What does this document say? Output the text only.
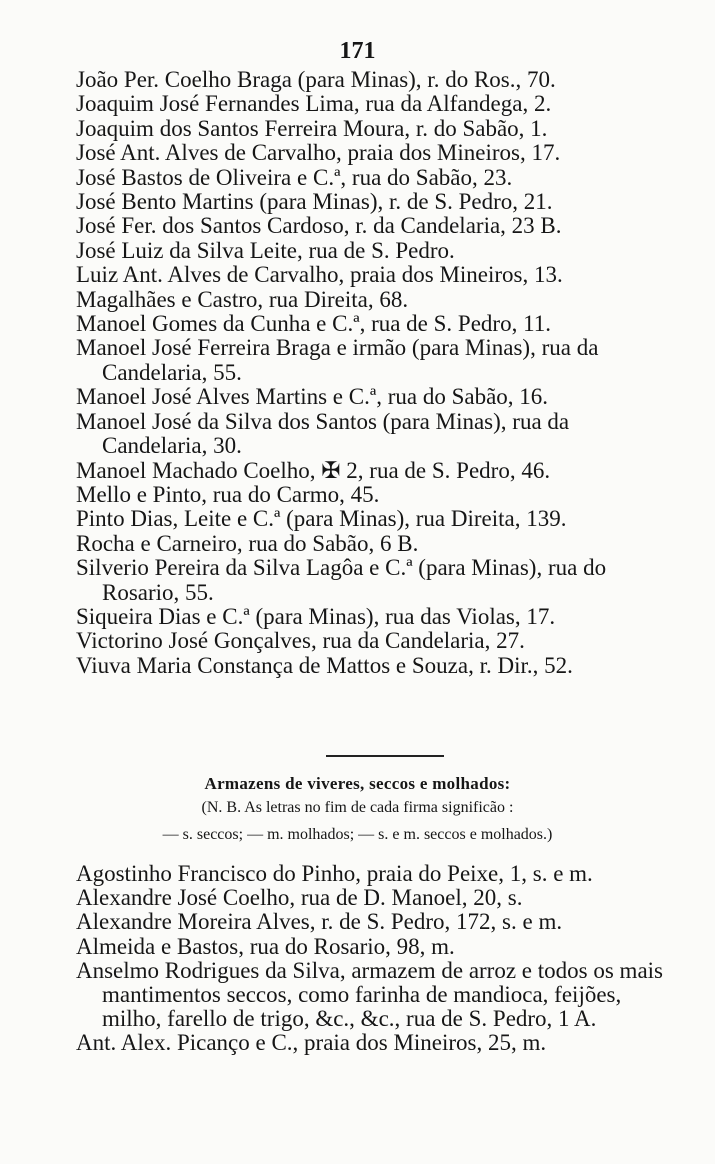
171
João Per. Coelho Braga (para Minas), r. do Ros., 70.
Joaquim José Fernandes Lima, rua da Alfandega, 2.
Joaquim dos Santos Ferreira Moura, r. do Sabão, 1.
José Ant. Alves de Carvalho, praia dos Mineiros, 17.
José Bastos de Oliveira e C.ª, rua do Sabão, 23.
José Bento Martins (para Minas), r. de S. Pedro, 21.
José Fer. dos Santos Cardoso, r. da Candelaria, 23 B.
José Luiz da Silva Leite, rua de S. Pedro.
Luiz Ant. Alves de Carvalho, praia dos Mineiros, 13.
Magalhães e Castro, rua Direita, 68.
Manoel Gomes da Cunha e C.ª, rua de S. Pedro, 11.
Manoel José Ferreira Braga e irmão (para Minas), rua da Candelaria, 55.
Manoel José Alves Martins e C.ª, rua do Sabão, 16.
Manoel José da Silva dos Santos (para Minas), rua da Candelaria, 30.
Manoel Machado Coelho, ✠ 2, rua de S. Pedro, 46.
Mello e Pinto, rua do Carmo, 45.
Pinto Dias, Leite e C.ª (para Minas), rua Direita, 139.
Rocha e Carneiro, rua do Sabão, 6 B.
Silverio Pereira da Silva Lagôa e C.ª (para Minas), rua do Rosario, 55.
Siqueira Dias e C.ª (para Minas), rua das Violas, 17.
Victorino José Gonçalves, rua da Candelaria, 27.
Viuva Maria Constança de Mattos e Souza, r. Dir., 52.
Armazens de viveres, seccos e molhados:
(N. B. As letras no fim de cada firma significão :
— s. seccos; — m. molhados; — s. e m. seccos e molhados.)
Agostinho Francisco do Pinho, praia do Peixe, 1, s. e m.
Alexandre José Coelho, rua de D. Manoel, 20, s.
Alexandre Moreira Alves, r. de S. Pedro, 172, s. e m.
Almeida e Bastos, rua do Rosario, 98, m.
Anselmo Rodrigues da Silva, armazem de arroz e todos os mais mantimentos seccos, como farinha de mandioca, feijões, milho, farello de trigo, &c., &c., rua de S. Pedro, 1 A.
Ant. Alex. Picanço e C., praia dos Mineiros, 25, m.
